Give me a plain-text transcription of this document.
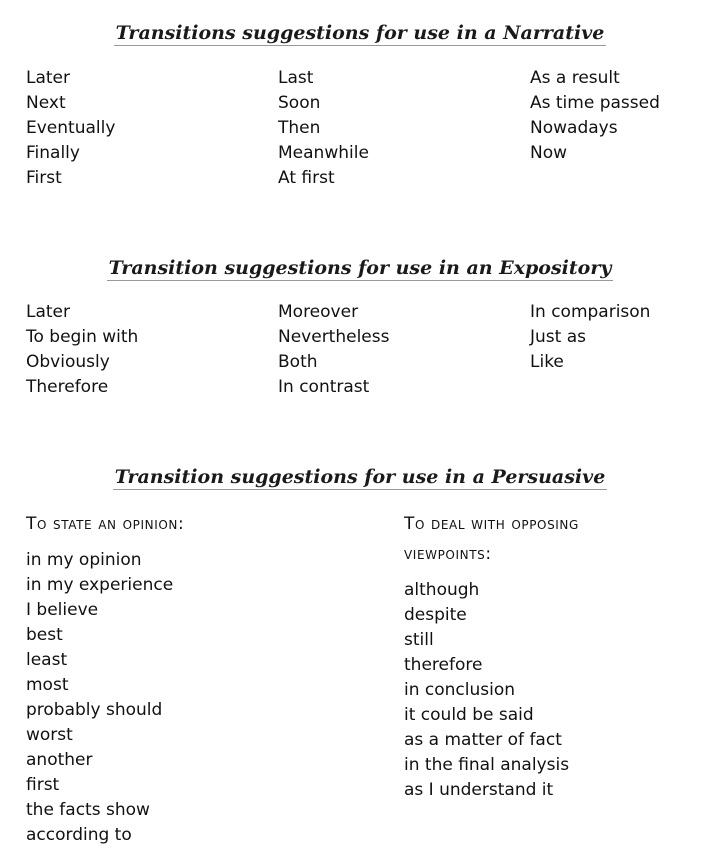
Transitions suggestions for use in a Narrative
Later
Next
Eventually
Finally
First
Last
Soon
Then
Meanwhile
At first
As a result
As time passed
Nowadays
Now
Transition suggestions for use in an Expository
Later
To begin with
Obviously
Therefore
Moreover
Nevertheless
Both
In contrast
In comparison
Just as
Like
Transition suggestions for use in a Persuasive
To state an opinion:
in my opinion
in my experience
I believe
best
least
most
probably should
worst
another
first
the facts show
according to
To deal with opposing
viewpoints:
although
despite
still
therefore
in conclusion
it could be said
as a matter of fact
in the final analysis
as I understand it
